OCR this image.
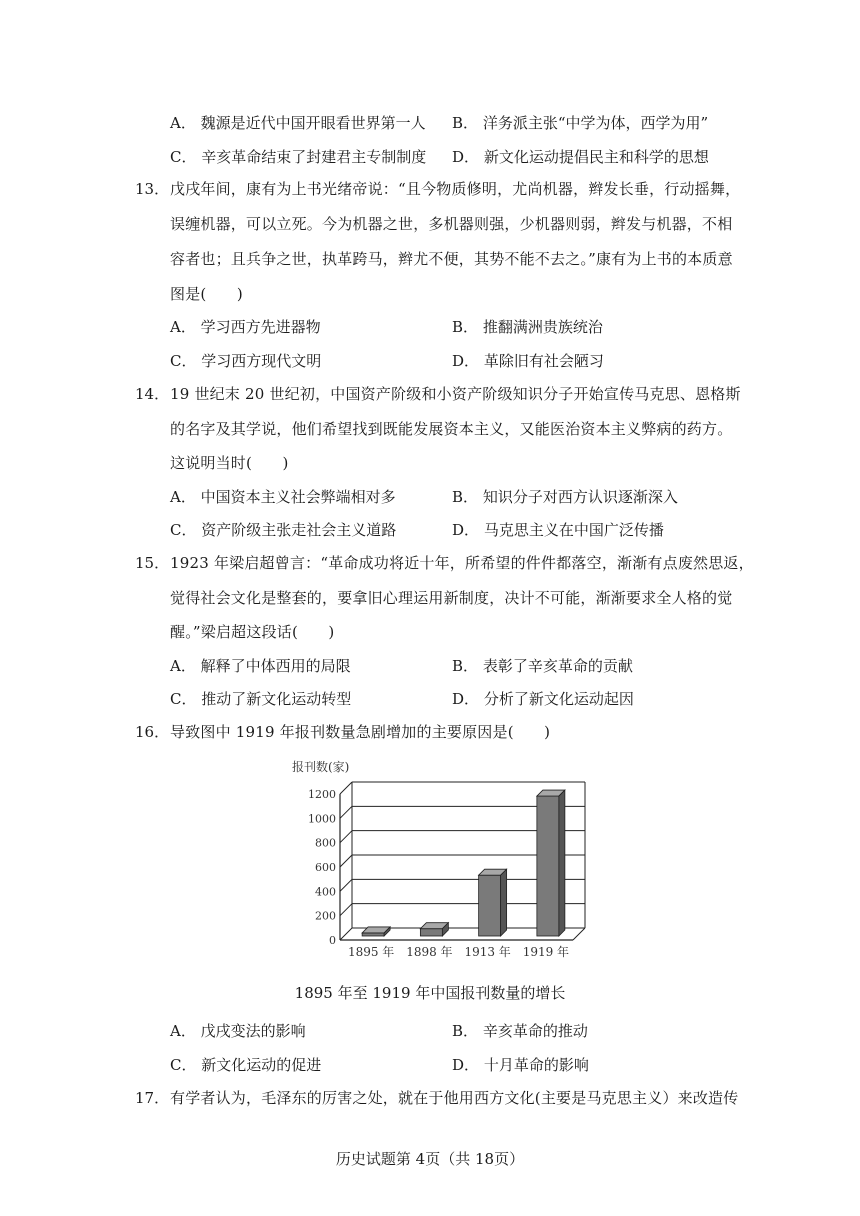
A． 魏源是近代中国开眼看世界第一人 B． 洋务派主张“中学为体，西学为用”
C． 辛亥革命结束了封建君主专制制度 D． 新文化运动提倡民主和科学的思想
13． 戊戌年间，康有为上书光绪帝说：“且今物质修明，尤尚机器，辫发长垂，行动摇舞，
误缠机器，可以立死。今为机器之世，多机器则强，少机器则弱，辫发与机器，不相
容者也；且兵争之世，执革跨马，辫尤不便，其势不能不去之。”康有为上书的本质意
图是(　　)
A． 学习西方先进器物	B． 推翻满洲贵族统治
C． 学习西方现代文明	D． 革除旧有社会陋习
14． 19 世纪末 20 世纪初，中国资产阶级和小资产阶级知识分子开始宣传马克思、恩格斯
的名字及其学说，他们希望找到既能发展资本主义，又能医治资本主义弊病的药方。
这说明当时(　　)
A． 中国资本主义社会弊端相对多	B． 知识分子对西方认识逐渐深入
C． 资产阶级主张走社会主义道路	D． 马克思主义在中国广泛传播
15． 1923 年梁启超曾言：“革命成功将近十年，所希望的件件都落空，渐渐有点废然思返，
觉得社会文化是整套的，要拿旧心理运用新制度，决计不可能，渐渐要求全人格的觉
醒。”梁启超这段话(　　)
A． 解释了中体西用的局限	B． 表彰了辛亥革命的贡献
C． 推动了新文化运动转型	D． 分析了新文化运动起因
16． 导致图中 1919 年报刊数量急剧增加的主要原因是(　　)
报刊数(家)
0
200
400
600
800
1000
1200
1895 年 1898 年 1913 年 1919 年
1895 年至 1919 年中国报刊数量的增长
A． 戊戌变法的影响	B． 辛亥革命的推动
C． 新文化运动的促进	D． 十月革命的影响
17． 有学者认为，毛泽东的厉害之处，就在于他用西方文化(主要是马克思主义）来改造传
历史试题第 4页（共 18页）
